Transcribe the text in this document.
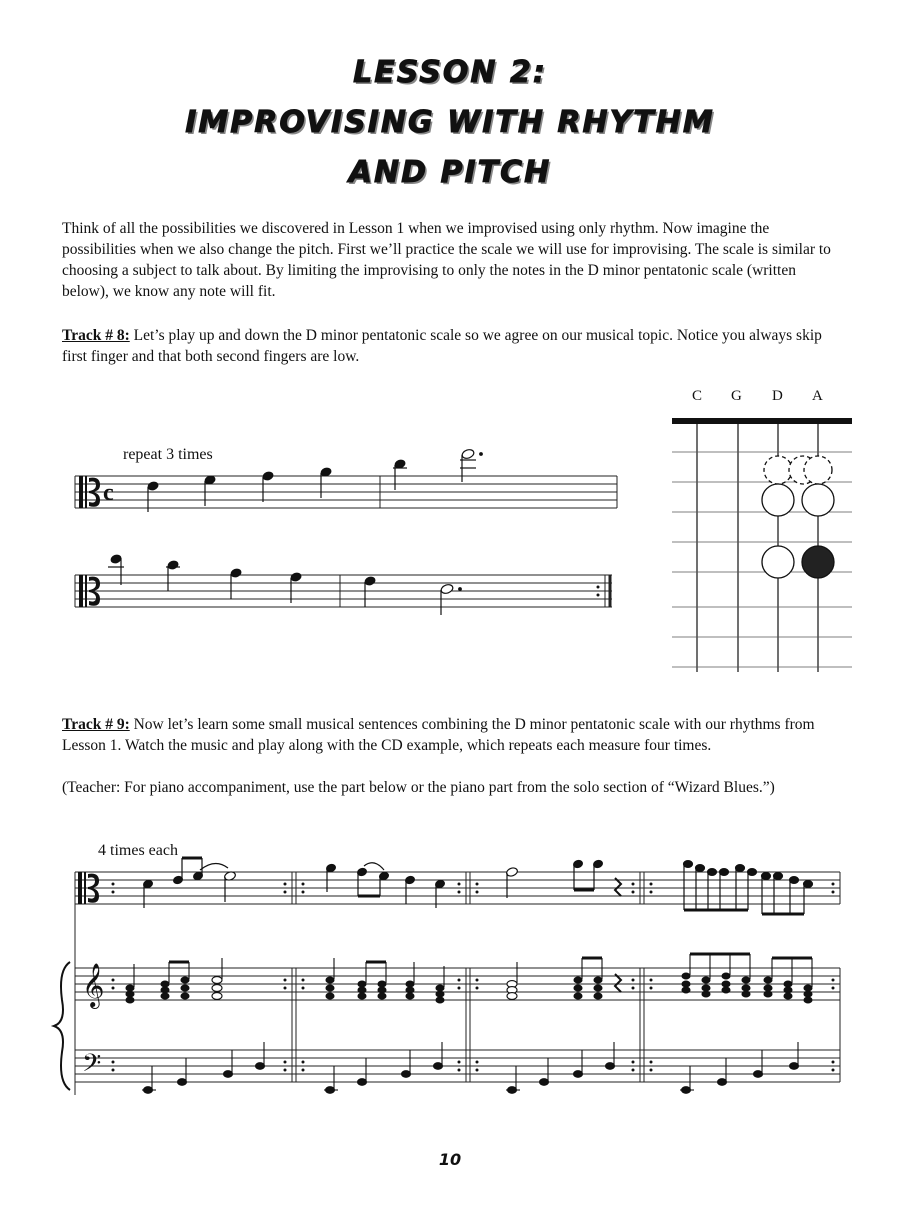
LESSON 2:
IMPROVISING WITH RHYTHM
AND PITCH

Think of all the possibilities we discovered in Lesson 1 when we improvised using only rhythm. Now imagine the possibilities when we also change the pitch. First we’ll practice the scale we will use for improvising. The scale is similar to choosing a subject to talk about. By limiting the improvising to only the notes in the D minor pentatonic scale (written below), we know any note will fit.

Track # 8: Let’s play up and down the D minor pentatonic scale so we agree on our musical topic. Notice you always skip first finger and that both second fingers are low.

repeat 3 times
c
C G D A

Track # 9: Now let’s learn some small musical sentences combining the D minor pentatonic scale with our rhythms from Lesson 1. Watch the music and play along with the CD example, which repeats each measure four times.

(Teacher: For piano accompaniment, use the part below or the piano part from the solo section of “Wizard Blues.”)

4 times each
𝄞
𝄢
10
